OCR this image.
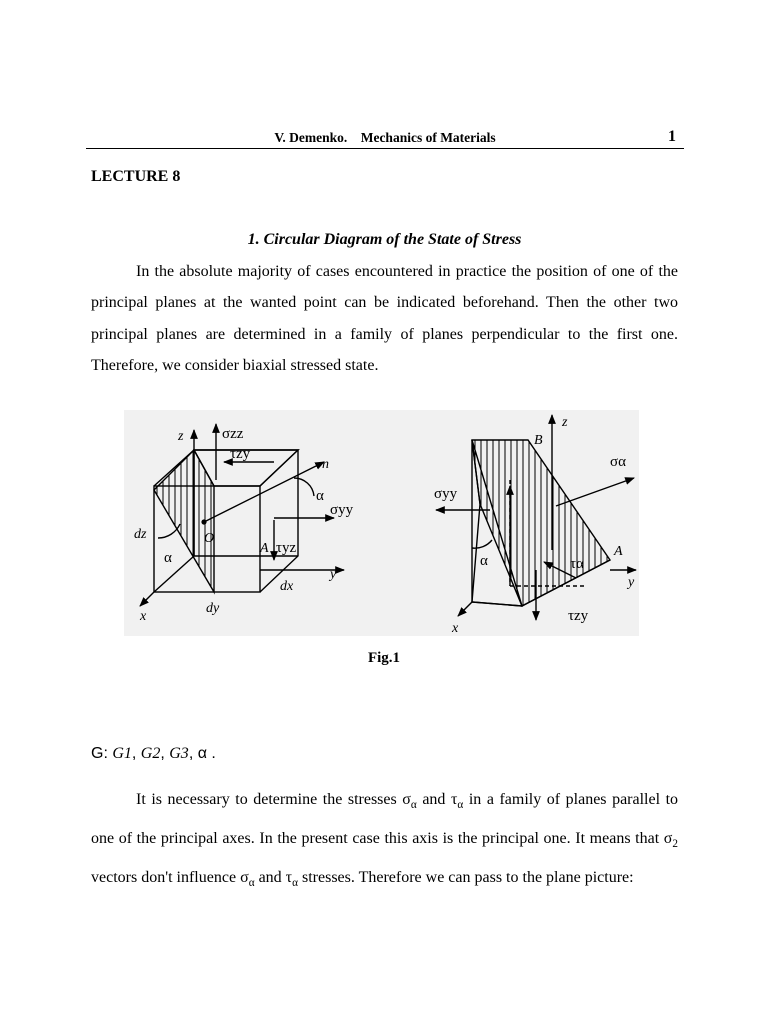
V. Demenko.    Mechanics of Materials	1
LECTURE 8
1. Circular Diagram of the State of Stress
In the absolute majority of cases encountered in practice the position of one of the principal planes at the wanted point can be indicated beforehand. Then the other two principal planes are determined in a family of planes perpendicular to the first one. Therefore, we consider biaxial stressed state.
z	σzz
τzy
n
α
σyy
dz	O
A τyz
α
y
dx
dy
x
z
B
σα
σyy
α
A
τα
y
τzy
x
Fig.1
G: G1, G2, G3, α .
It is necessary to determine the stresses $\sigma_\alpha$ and $\tau_\alpha$ in a family of planes parallel to one of the principal axes. In the present case this axis is the principal one. It means that $\sigma_2$ vectors don't influence $\sigma_\alpha$ and $\tau_\alpha$ stresses. Therefore we can pass to the plane picture:
